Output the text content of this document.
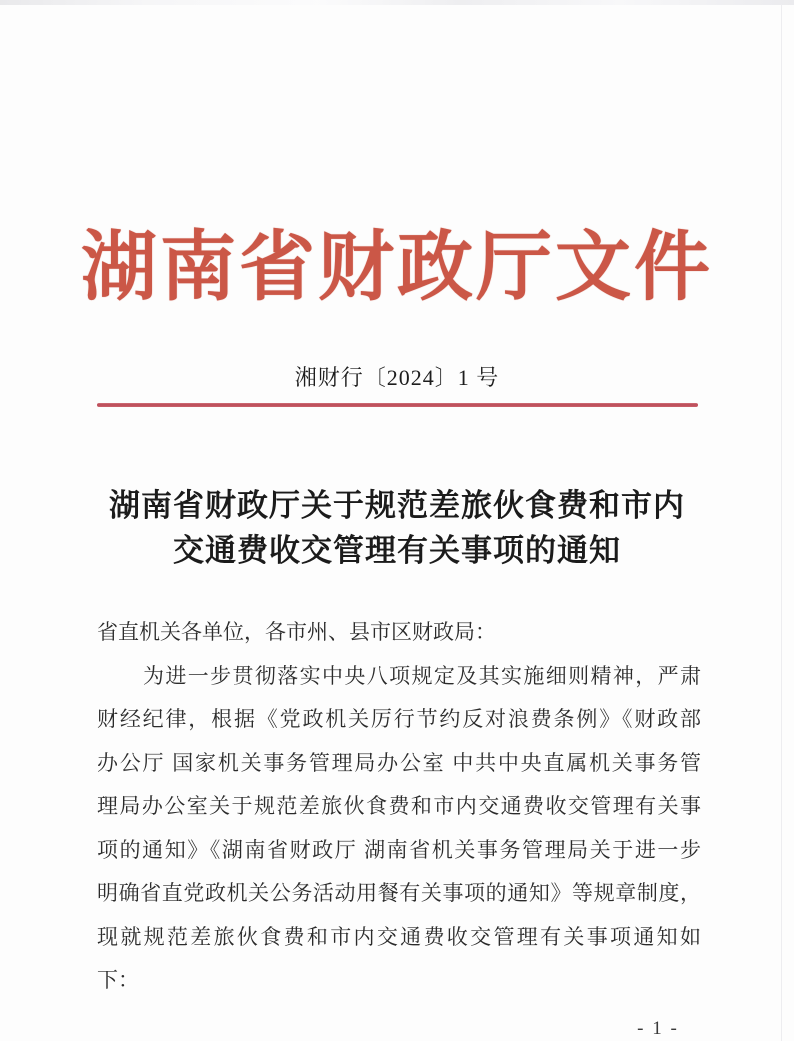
湖南省财政厅文件
湘财行〔2024〕1 号
湖南省财政厅关于规范差旅伙食费和市内
交通费收交管理有关事项的通知
省直机关各单位，各市州、县市区财政局：
为进一步贯彻落实中央八项规定及其实施细则精神，严肃
财经纪律，根据《党政机关厉行节约反对浪费条例》《财政部
办公厅 国家机关事务管理局办公室 中共中央直属机关事务管
理局办公室关于规范差旅伙食费和市内交通费收交管理有关事
项的通知》《湖南省财政厅 湖南省机关事务管理局关于进一步
明确省直党政机关公务活动用餐有关事项的通知》等规章制度，
现就规范差旅伙食费和市内交通费收交管理有关事项通知如
下：
- 1 -
